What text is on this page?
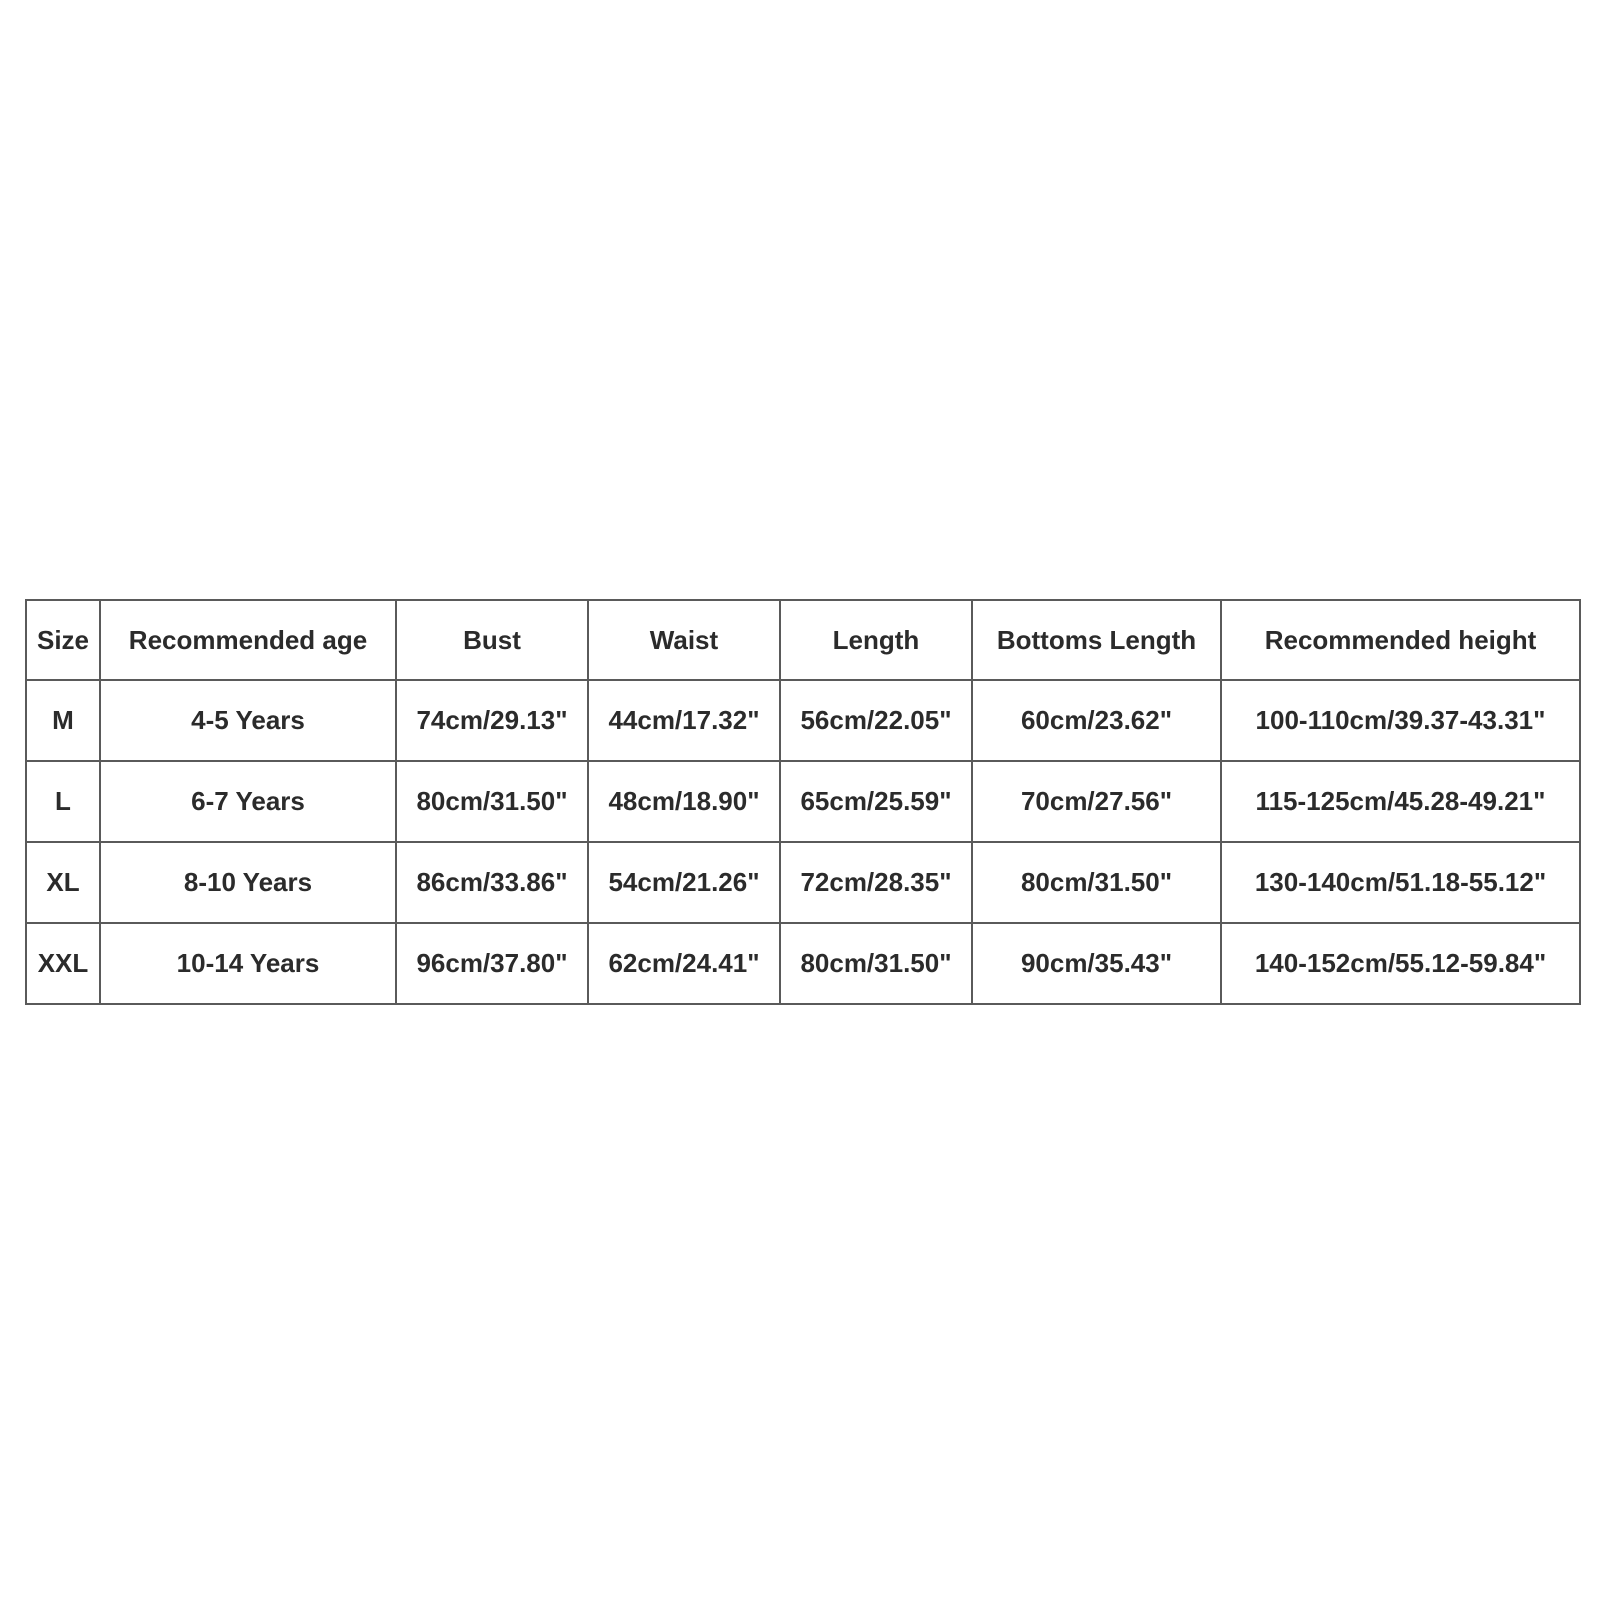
Size	Recommended age	Bust	Waist	Length	Bottoms Length	Recommended height
M	4-5 Years	74cm/29.13"	44cm/17.32"	56cm/22.05"	60cm/23.62"	100-110cm/39.37-43.31"
L	6-7 Years	80cm/31.50"	48cm/18.90"	65cm/25.59"	70cm/27.56"	115-125cm/45.28-49.21"
XL	8-10 Years	86cm/33.86"	54cm/21.26"	72cm/28.35"	80cm/31.50"	130-140cm/51.18-55.12"
XXL	10-14 Years	96cm/37.80"	62cm/24.41"	80cm/31.50"	90cm/35.43"	140-152cm/55.12-59.84"
